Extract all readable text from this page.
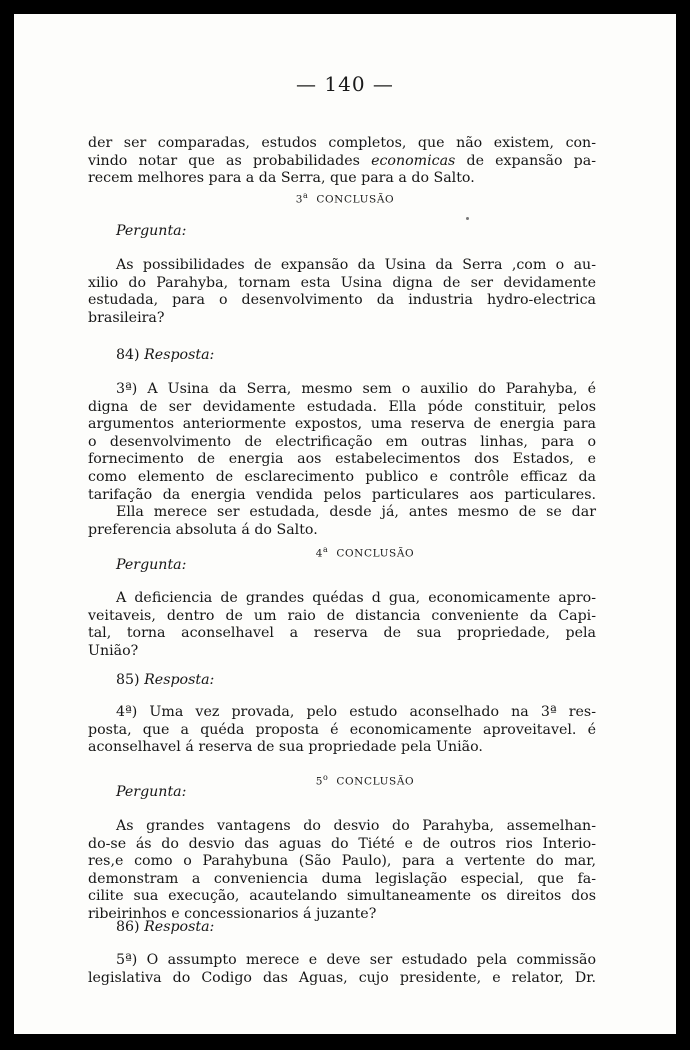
— 140 —
der ser comparadas, estudos completos, que não existem, con-
vindo notar que as probabilidades economicas de expansão pa-
recem melhores para a da Serra, que para a do Salto.
3$^a$ CONCLUSÃO
Pergunta:
As possibilidades de expansão da Usina da Serra ,com o au-
xilio do Parahyba, tornam esta Usina digna de ser devidamente
estudada, para o desenvolvimento da industria hydro-electrica
brasileira?
84) Resposta:
3ª) A Usina da Serra, mesmo sem o auxilio do Parahyba, é
digna de ser devidamente estudada. Ella póde constituir, pelos
argumentos anteriormente expostos, uma reserva de energia para
o desenvolvimento de electrificação em outras linhas, para o
fornecimento de energia aos estabelecimentos dos Estados, e
como elemento de esclarecimento publico e contrôle efficaz da
tarifação da energia vendida pelos particulares aos particulares.
Ella merece ser estudada, desde já, antes mesmo de se dar
preferencia absoluta á do Salto.
4$^a$ CONCLUSÃO
Pergunta:
A deficiencia de grandes quédas d gua, economicamente apro-
veitaveis, dentro de um raio de distancia conveniente da Capi-
tal, torna aconselhavel a reserva de sua propriedade, pela
União?
85) Resposta:
4ª) Uma vez provada, pelo estudo aconselhado na 3ª res-
posta, que a quéda proposta é economicamente aproveitavel. é
aconselhavel á reserva de sua propriedade pela União.
5$^o$ CONCLUSÃO
Pergunta:
As grandes vantagens do desvio do Parahyba, assemelhan-
do-se ás do desvio das aguas do Tiété e de outros rios Interio-
res,e como o Parahybuna (São Paulo), para a vertente do mar,
demonstram a conveniencia duma legislação especial, que fa-
cilite sua execução, acautelando simultaneamente os direitos dos
ribeirinhos e concessionarios á juzante?
86) Resposta:
5ª) O assumpto merece e deve ser estudado pela commissão
legislativa do Codigo das Aguas, cujo presidente, e relator, Dr.
